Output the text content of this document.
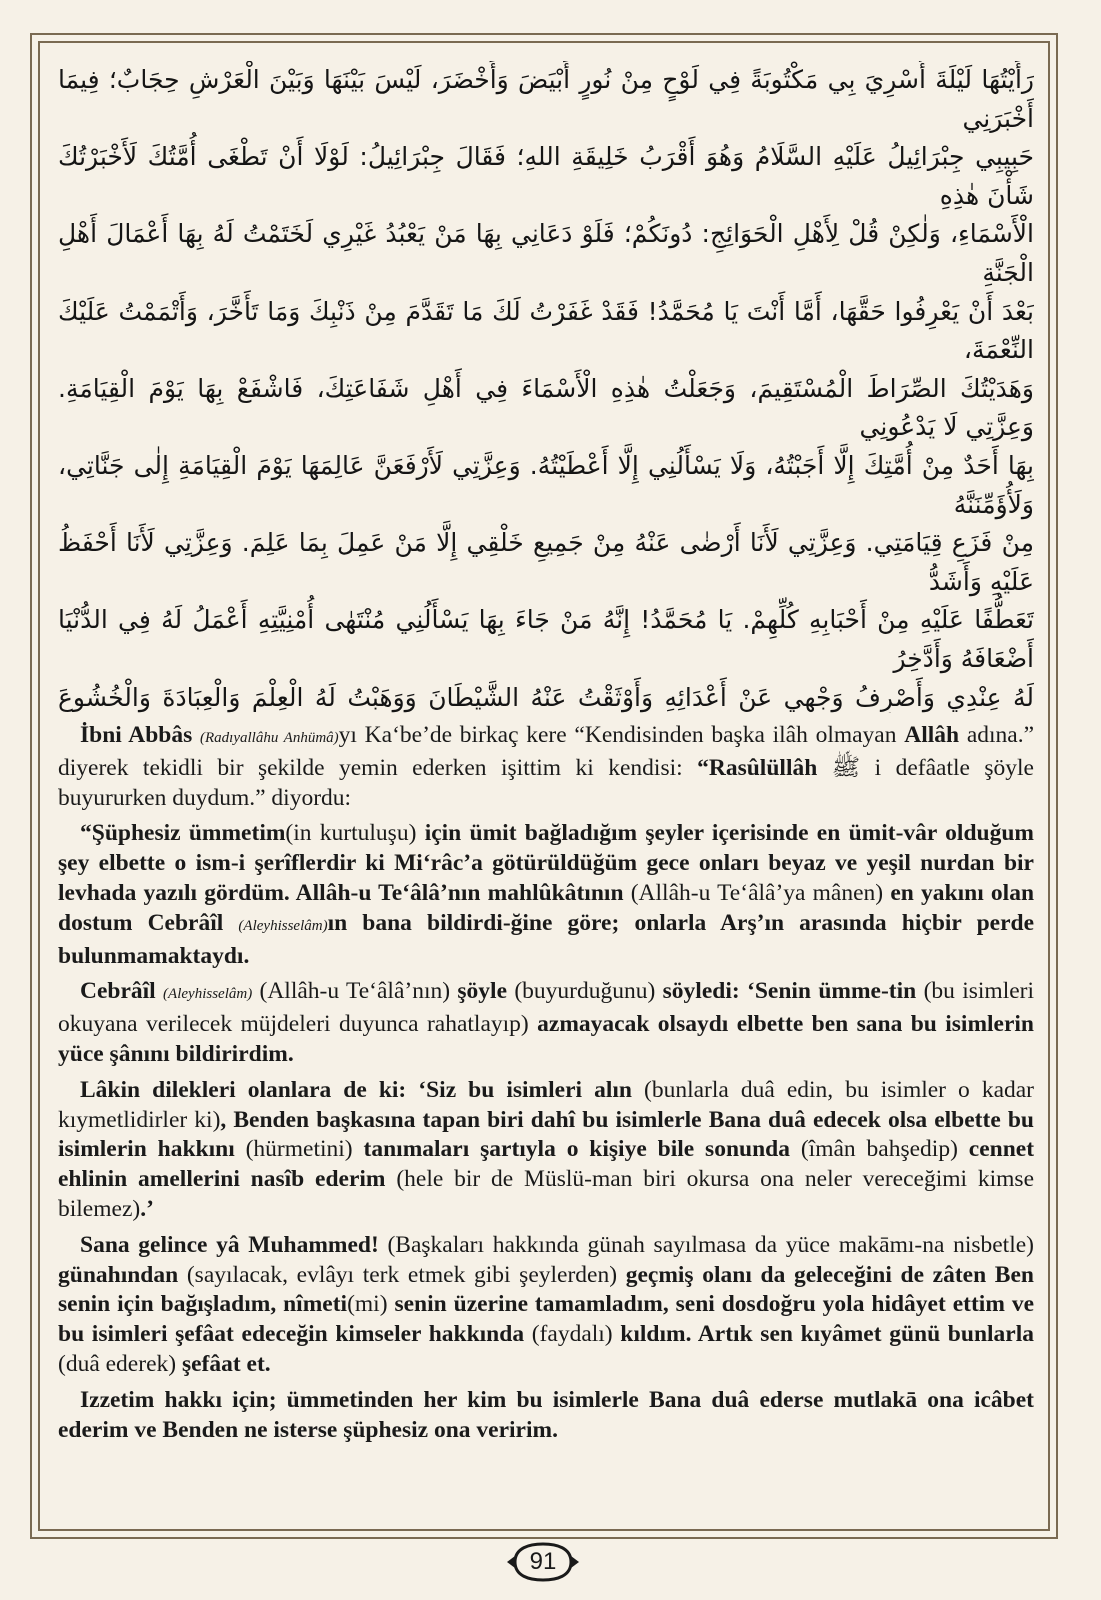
رَأَيْتُهَا لَيْلَةَ أُسْرِيَ بِي مَكْتُوبَةً فِي لَوْحٍ مِنْ نُورٍ أَبْيَضَ وَأَخْضَرَ، لَيْسَ بَيْنَهَا وَبَيْنَ الْعَرْشِ حِجَابٌ؛ فِيمَا أَخْبَرَنِي

حَبِيبِي جِبْرَائِيلُ عَلَيْهِ السَّلَامُ وَهُوَ أَقْرَبُ خَلِيقَةِ اللهِ؛ فَقَالَ جِبْرَائِيلُ: لَوْلَا أَنْ تَطْغَى أُمَّتُكَ لَأَخْبَرْتُكَ شَأْنَ هٰذِهِ

الْأَسْمَاءِ، وَلٰكِنْ قُلْ لِأَهْلِ الْحَوَائِجِ: دُونَكُمْ؛ فَلَوْ دَعَانِي بِهَا مَنْ يَعْبُدُ غَيْرِي لَخَتَمْتُ لَهُ بِهَا أَعْمَالَ أَهْلِ الْجَنَّةِ

بَعْدَ أَنْ يَعْرِفُوا حَقَّهَا، أَمَّا أَنْتَ يَا مُحَمَّدُ! فَقَدْ غَفَرْتُ لَكَ مَا تَقَدَّمَ مِنْ ذَنْبِكَ وَمَا تَأَخَّرَ، وَأَتْمَمْتُ عَلَيْكَ النِّعْمَةَ،

وَهَدَيْتُكَ الصِّرَاطَ الْمُسْتَقِيمَ، وَجَعَلْتُ هٰذِهِ الْأَسْمَاءَ فِي أَهْلِ شَفَاعَتِكَ، فَاشْفَعْ بِهَا يَوْمَ الْقِيَامَةِ. وَعِزَّتِي لَا يَدْعُونِي

بِهَا أَحَدٌ مِنْ أُمَّتِكَ إِلَّا أَجَبْتُهُ، وَلَا يَسْأَلُنِي إِلَّا أَعْطَيْتُهُ. وَعِزَّتِي لَأَرْفَعَنَّ عَالِمَهَا يَوْمَ الْقِيَامَةِ إِلٰى جَنَّاتِي، وَلَأُؤَمِّنَنَّهُ

مِنْ فَزَعِ قِيَامَتِي. وَعِزَّتِي لَأَنَا أَرْضٰى عَنْهُ مِنْ جَمِيعِ خَلْقِي إِلَّا مَنْ عَمِلَ بِمَا عَلِمَ. وَعِزَّتِي لَأَنَا أَحْفَظُ عَلَيْهِ وَأَشَدُّ

تَعَطُّفًا عَلَيْهِ مِنْ أَحْبَابِهِ كُلِّهِمْ. يَا مُحَمَّدُ! إِنَّهُ مَنْ جَاءَ بِهَا يَسْأَلُنِي مُنْتَهٰى أُمْنِيَّتِهِ أَعْمَلُ لَهُ فِي الدُّنْيَا أَضْعَافَهُ وَأَدَّخِرُ

لَهُ عِنْدِي وَأَصْرِفُ وَجْهِي عَنْ أَعْدَائِهِ وَأَوْثَقْتُ عَنْهُ الشَّيْطَانَ وَوَهَبْتُ لَهُ الْعِلْمَ وَالْعِبَادَةَ وَالْخُشُوعَ

İbni Abbâs (Radıyallâhu Anhümâ)yı Ka‘be’de birkaç kere “Kendisinden başka ilâh olmayan Allâh adına.” diyerek tekidli bir şekilde yemin ederken işittim ki kendisi: “Rasûlüllâh ﷺ i defâatle şöyle buyururken duydum.” diyordu:

“Şüphesiz ümmetim(in kurtuluşu) için ümit bağladığım şeyler içerisinde en ümit-vâr olduğum şey elbette o ism-i şerîflerdir ki Mi‘râc’a götürüldüğüm gece onları beyaz ve yeşil nurdan bir levhada yazılı gördüm. Allâh-u Te‘âlâ’nın mahlûkâtının (Allâh-u Te‘âlâ’ya mânen) en yakını olan dostum Cebrâîl (Aleyhisselâm)ın bana bildirdi-ğine göre; onlarla Arş’ın arasında hiçbir perde bulunmamaktaydı.

Cebrâîl (Aleyhisselâm) (Allâh-u Te‘âlâ’nın) şöyle (buyurduğunu) söyledi: ‘Senin ümme-tin (bu isimleri okuyana verilecek müjdeleri duyunca rahatlayıp) azmayacak olsaydı elbette ben sana bu isimlerin yüce şânını bildirirdim.

Lâkin dilekleri olanlara de ki: ‘Siz bu isimleri alın (bunlarla duâ edin, bu isimler o kadar kıymetlidirler ki), Benden başkasına tapan biri dahî bu isimlerle Bana duâ edecek olsa elbette bu isimlerin hakkını (hürmetini) tanımaları şartıyla o kişiye bile sonunda (îmân bahşedip) cennet ehlinin amellerini nasîb ederim (hele bir de Müslü-man biri okursa ona neler vereceğimi kimse bilemez).’

Sana gelince yâ Muhammed! (Başkaları hakkında günah sayılmasa da yüce makāmı-na nisbetle) günahından (sayılacak, evlâyı terk etmek gibi şeylerden) geçmiş olanı da geleceğini de zâten Ben senin için bağışladım, nîmeti(mi) senin üzerine tamamladım, seni dosdoğru yola hidâyet ettim ve bu isimleri şefâat edeceğin kimseler hakkında (faydalı) kıldım. Artık sen kıyâmet günü bunlarla (duâ ederek) şefâat et.

Izzetim hakkı için; ümmetinden her kim bu isimlerle Bana duâ ederse mutlakā ona icâbet ederim ve Benden ne isterse şüphesiz ona veririm.

91
